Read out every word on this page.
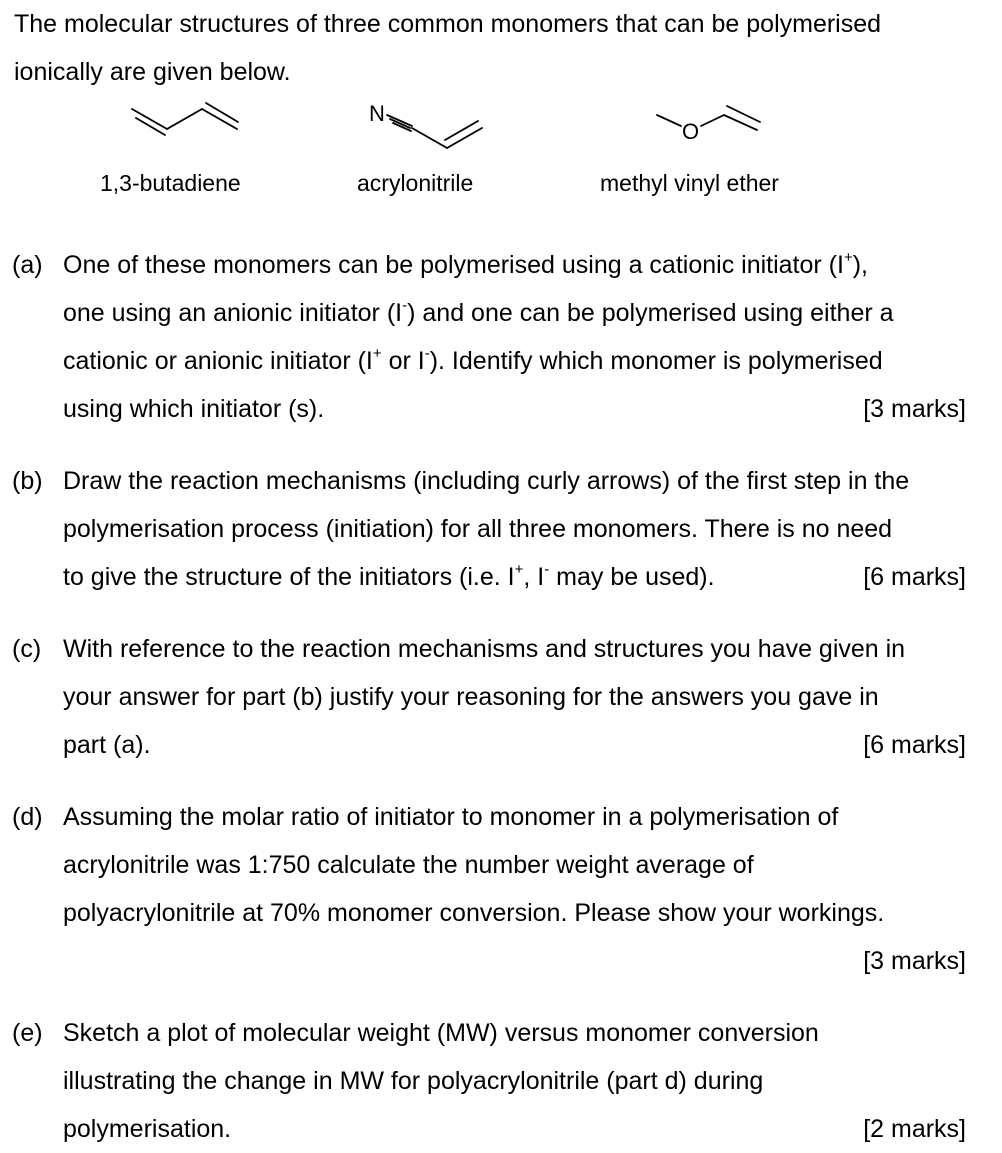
The molecular structures of three common monomers that can be polymerised
ionically are given below.
N
O
1,3-butadiene	acrylonitrile	methyl vinyl ether
(a) One of these monomers can be polymerised using a cationic initiator (I+),
one using an anionic initiator (I-) and one can be polymerised using either a
cationic or anionic initiator (I+ or I-). Identify which monomer is polymerised
using which initiator (s).	[3 marks]
(b) Draw the reaction mechanisms (including curly arrows) of the first step in the
polymerisation process (initiation) for all three monomers. There is no need
to give the structure of the initiators (i.e. I+, I- may be used).	[6 marks]
(c) With reference to the reaction mechanisms and structures you have given in
your answer for part (b) justify your reasoning for the answers you gave in
part (a).	[6 marks]
(d) Assuming the molar ratio of initiator to monomer in a polymerisation of
acrylonitrile was 1:750 calculate the number weight average of
polyacrylonitrile at 70% monomer conversion. Please show your workings.
[3 marks]
(e) Sketch a plot of molecular weight (MW) versus monomer conversion
illustrating the change in MW for polyacrylonitrile (part d) during
polymerisation.	[2 marks]
